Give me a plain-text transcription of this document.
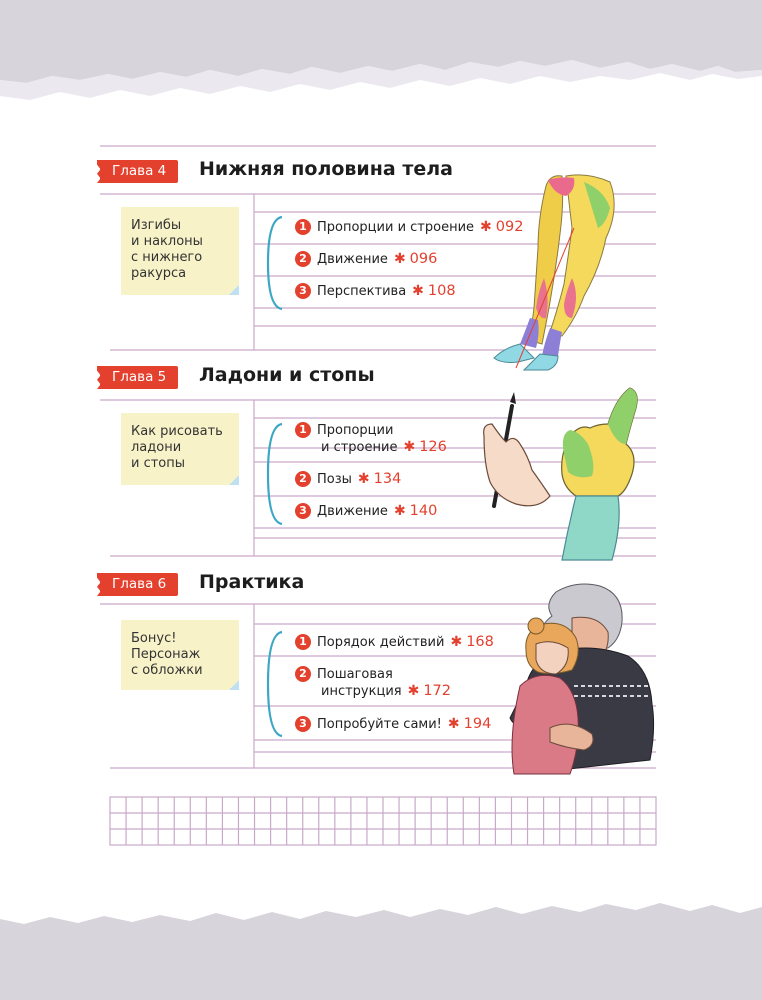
Глава 4	Нижняя половина тела
Изгибы
и наклоны
с нижнего
ракурса
1 Пропорции и строение ✱ 092
2 Движение ✱ 096
3 Перспектива ✱ 108
Глава 5	Ладони и стопы
Как рисовать
ладони
и стопы
1 Пропорции
и строение ✱ 126
2 Позы ✱ 134
3 Движение ✱ 140
Глава 6	Практика
Бонус!
Персонаж
с обложки
1 Порядок действий ✱ 168
2 Пошаговая
инструкция ✱ 172
3 Попробуйте сами! ✱ 194
